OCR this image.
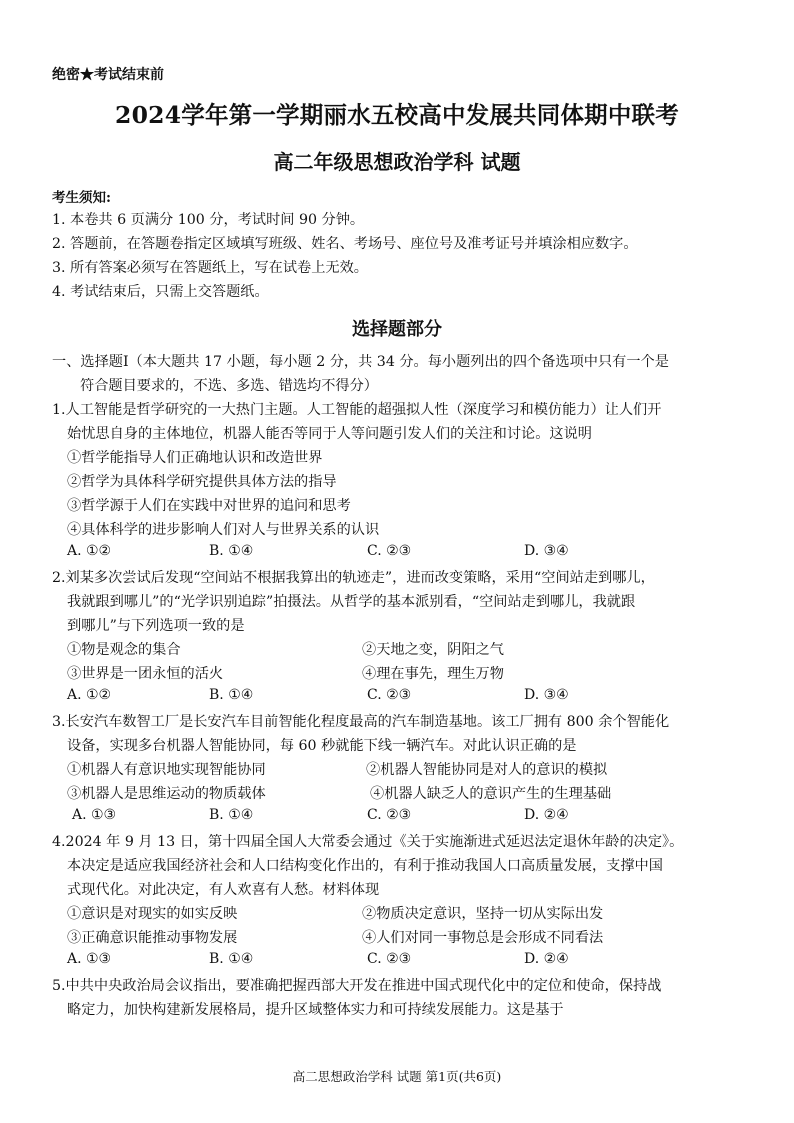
绝密★考试结束前
2024学年第一学期丽水五校高中发展共同体期中联考
高二年级思想政治学科 试题
考生须知:
1. 本卷共 6 页满分 100 分，考试时间 90 分钟。
2. 答题前，在答题卷指定区域填写班级、姓名、考场号、座位号及准考证号并填涂相应数字。
3. 所有答案必须写在答题纸上，写在试卷上无效。
4. 考试结束后，只需上交答题纸。
选择题部分
一、选择题Ⅰ（本大题共 17 小题，每小题 2 分，共 34 分。每小题列出的四个备选项中只有一个是
符合题目要求的，不选、多选、错选均不得分）
1.人工智能是哲学研究的一大热门主题。人工智能的超强拟人性（深度学习和模仿能力）让人们开
始忧思自身的主体地位，机器人能否等同于人等问题引发人们的关注和讨论。这说明
①哲学能指导人们正确地认识和改造世界
②哲学为具体科学研究提供具体方法的指导
③哲学源于人们在实践中对世界的追问和思考
④具体科学的进步影响人们对人与世界关系的认识
A. ①②	B. ①④	C. ②③	D. ③④
2.刘某多次尝试后发现“空间站不根据我算出的轨迹走”，进而改变策略，采用“空间站走到哪儿，
我就跟到哪儿”的“光学识别追踪”拍摄法。从哲学的基本派别看，“空间站走到哪儿，我就跟
到哪儿”与下列选项一致的是
①物是观念的集合	②天地之变，阴阳之气
③世界是一团永恒的活火	④理在事先，理生万物
A. ①②	B. ①④	C. ②③	D. ③④
3.长安汽车数智工厂是长安汽车目前智能化程度最高的汽车制造基地。该工厂拥有 800 余个智能化
设备，实现多台机器人智能协同，每 60 秒就能下线一辆汽车。对此认识正确的是
①机器人有意识地实现智能协同	②机器人智能协同是对人的意识的模拟
③机器人是思维运动的物质载体	④机器人缺乏人的意识产生的生理基础
A. ①③	B. ①④	C. ②③	D. ②④
4.2024 年 9 月 13 日，第十四届全国人大常委会通过《关于实施渐进式延迟法定退休年龄的决定》。
本决定是适应我国经济社会和人口结构变化作出的，有利于推动我国人口高质量发展，支撑中国
式现代化。对此决定，有人欢喜有人愁。材料体现
①意识是对现实的如实反映	②物质决定意识，坚持一切从实际出发
③正确意识能推动事物发展	④人们对同一事物总是会形成不同看法
A. ①③	B. ①④	C. ②③	D. ②④
5.中共中央政治局会议指出，要准确把握西部大开发在推进中国式现代化中的定位和使命，保持战
略定力，加快构建新发展格局，提升区域整体实力和可持续发展能力。这是基于
高二思想政治学科 试题 第1页(共6页)
